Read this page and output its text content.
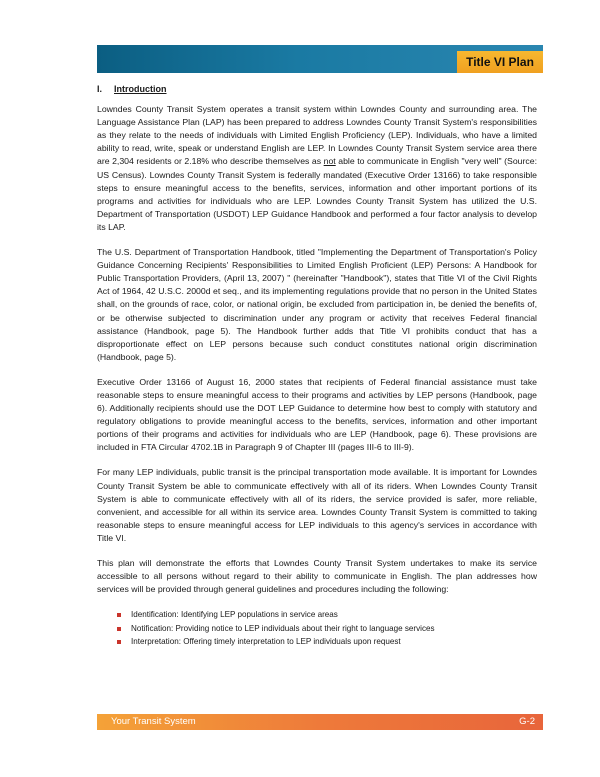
Title VI Plan
I. Introduction

Lowndes County Transit System operates a transit system within Lowndes County and surrounding area. The Language Assistance Plan (LAP) has been prepared to address Lowndes County Transit System's responsibilities as they relate to the needs of individuals with Limited English Proficiency (LEP). Individuals, who have a limited ability to read, write, speak or understand English are LEP. In Lowndes County Transit System service area there are 2,304 residents or 2.18% who describe themselves as not able to communicate in English "very well" (Source: US Census). Lowndes County Transit System is federally mandated (Executive Order 13166) to take responsible steps to ensure meaningful access to the benefits, services, information and other important portions of its programs and activities for individuals who are LEP. Lowndes County Transit System has utilized the U.S. Department of Transportation (USDOT) LEP Guidance Handbook and performed a four factor analysis to develop its LAP.

The U.S. Department of Transportation Handbook, titled "Implementing the Department of Transportation's Policy Guidance Concerning Recipients' Responsibilities to Limited English Proficient (LEP) Persons: A Handbook for Public Transportation Providers, (April 13, 2007) " (hereinafter "Handbook"), states that Title VI of the Civil Rights Act of 1964, 42 U.S.C. 2000d et seq., and its implementing regulations provide that no person in the United States shall, on the grounds of race, color, or national origin, be excluded from participation in, be denied the benefits of, or be otherwise subjected to discrimination under any program or activity that receives Federal financial assistance (Handbook, page 5). The Handbook further adds that Title VI prohibits conduct that has a disproportionate effect on LEP persons because such conduct constitutes national origin discrimination (Handbook, page 5).

Executive Order 13166 of August 16, 2000 states that recipients of Federal financial assistance must take reasonable steps to ensure meaningful access to their programs and activities by LEP persons (Handbook, page 6). Additionally recipients should use the DOT LEP Guidance to determine how best to comply with statutory and regulatory obligations to provide meaningful access to the benefits, services, information and other important portions of their programs and activities for individuals who are LEP (Handbook, page 6). These provisions are included in FTA Circular 4702.1B in Paragraph 9 of Chapter III (pages III-6 to III-9).

For many LEP individuals, public transit is the principal transportation mode available. It is important for Lowndes County Transit System be able to communicate effectively with all of its riders. When Lowndes County Transit System is able to communicate effectively with all of its riders, the service provided is safer, more reliable, convenient, and accessible for all within its service area. Lowndes County Transit System is committed to taking reasonable steps to ensure meaningful access for LEP individuals to this agency's services in accordance with Title VI.

This plan will demonstrate the efforts that Lowndes County Transit System undertakes to make its service accessible to all persons without regard to their ability to communicate in English. The plan addresses how services will be provided through general guidelines and procedures including the following:

Identification: Identifying LEP populations in service areas
Notification: Providing notice to LEP individuals about their right to language services
Interpretation: Offering timely interpretation to LEP individuals upon request
Your Transit System	G-2
